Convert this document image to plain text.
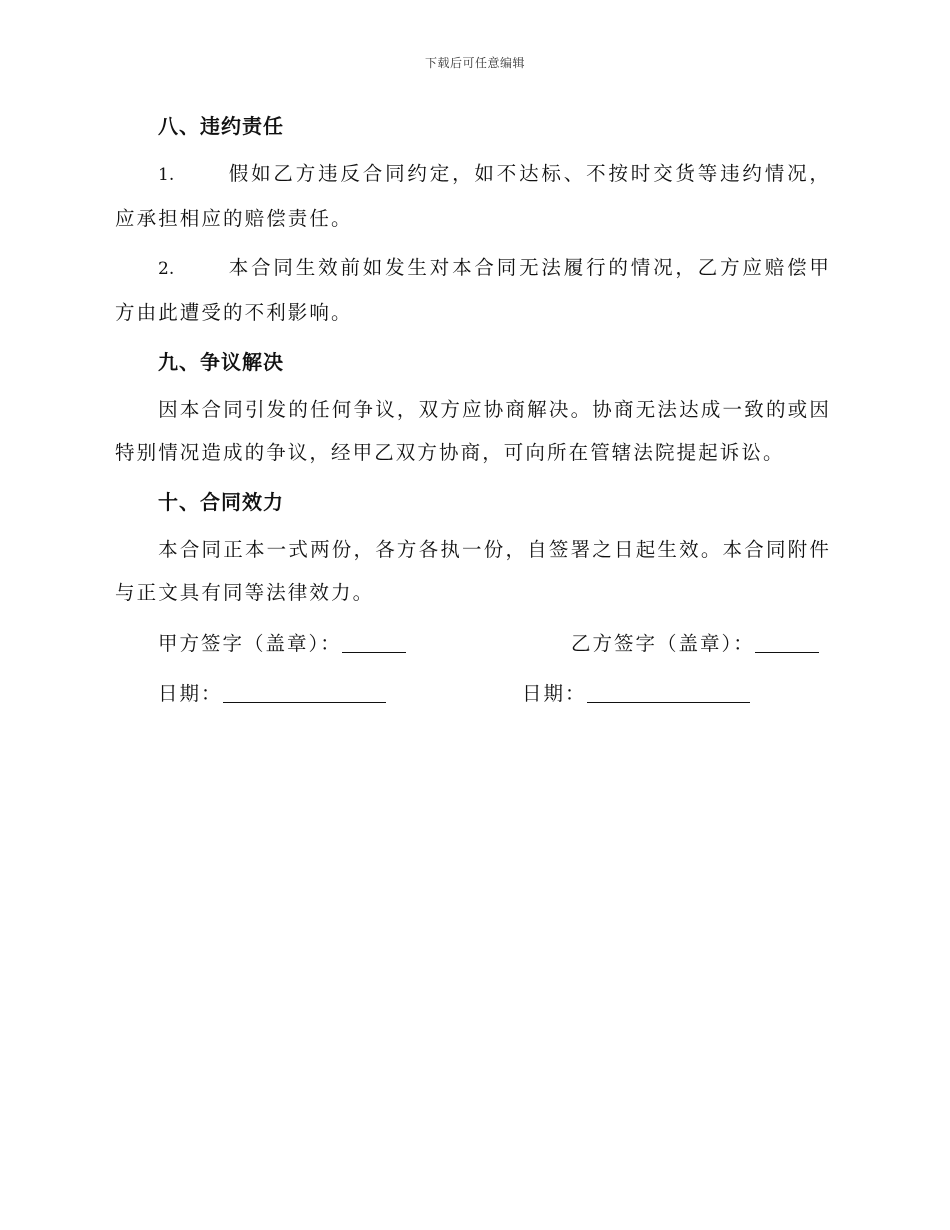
下载后可任意编辑
八、违约责任
1.	假如乙方违反合同约定，如不达标、不按时交货等违约情况，应承担相应的赔偿责任。
2.	本合同生效前如发生对本合同无法履行的情况，乙方应赔偿甲方由此遭受的不利影响。
九、争议解决
因本合同引发的任何争议，双方应协商解决。协商无法达成一致的或因特别情况造成的争议，经甲乙双方协商，可向所在管辖法院提起诉讼。
十、合同效力
本合同正本一式两份，各方各执一份，自签署之日起生效。本合同附件与正文具有同等法律效力。
甲方签字（盖章）：	乙方签字（盖章）：
日期：	日期：
